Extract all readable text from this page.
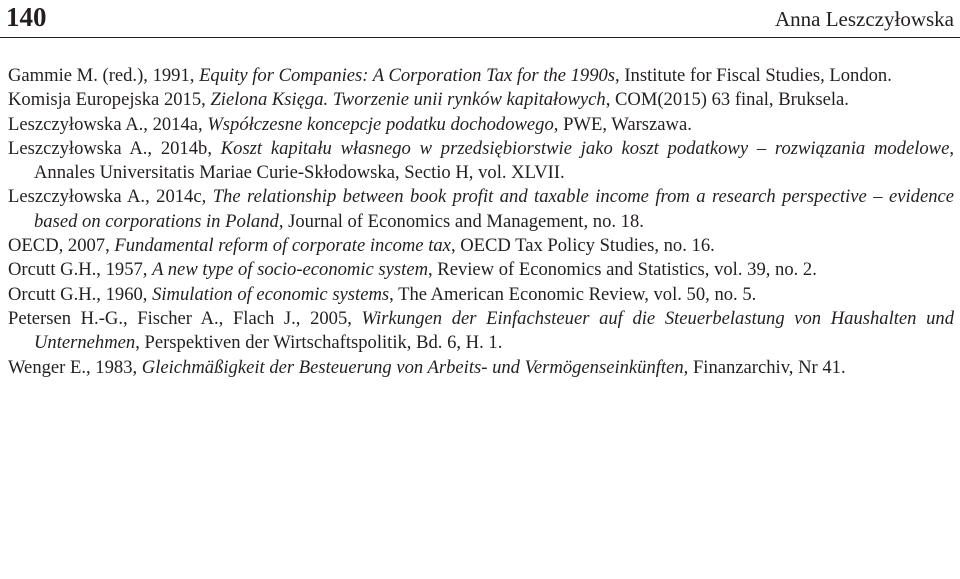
140	Anna Leszczyłowska
Gammie M. (red.), 1991, Equity for Companies: A Corporation Tax for the 1990s, Institute for Fiscal Studies, London.
Komisja Europejska 2015, Zielona Księga. Tworzenie unii rynków kapitałowych, COM(2015) 63 final, Bruksela.
Leszczyłowska A., 2014a, Współczesne koncepcje podatku dochodowego, PWE, Warszawa.
Leszczyłowska A., 2014b, Koszt kapitału własnego w przedsiębiorstwie jako koszt podatkowy – rozwiązania modelowe, Annales Universitatis Mariae Curie-Skłodowska, Sectio H, vol. XLVII.
Leszczyłowska A., 2014c, The relationship between book profit and taxable income from a research perspective – evidence based on corporations in Poland, Journal of Economics and Management, no. 18.
OECD, 2007, Fundamental reform of corporate income tax, OECD Tax Policy Studies, no. 16.
Orcutt G.H., 1957, A new type of socio-economic system, Review of Economics and Statistics, vol. 39, no. 2.
Orcutt G.H., 1960, Simulation of economic systems, The American Economic Review, vol. 50, no. 5.
Petersen H.-G., Fischer A., Flach J., 2005, Wirkungen der Einfachsteuer auf die Steuerbelastung von Haushalten und Unternehmen, Perspektiven der Wirtschaftspolitik, Bd. 6, H. 1.
Wenger E., 1983, Gleichmäßigkeit der Besteuerung von Arbeits- und Vermögenseinkünften, Finanzarchiv, Nr 41.
